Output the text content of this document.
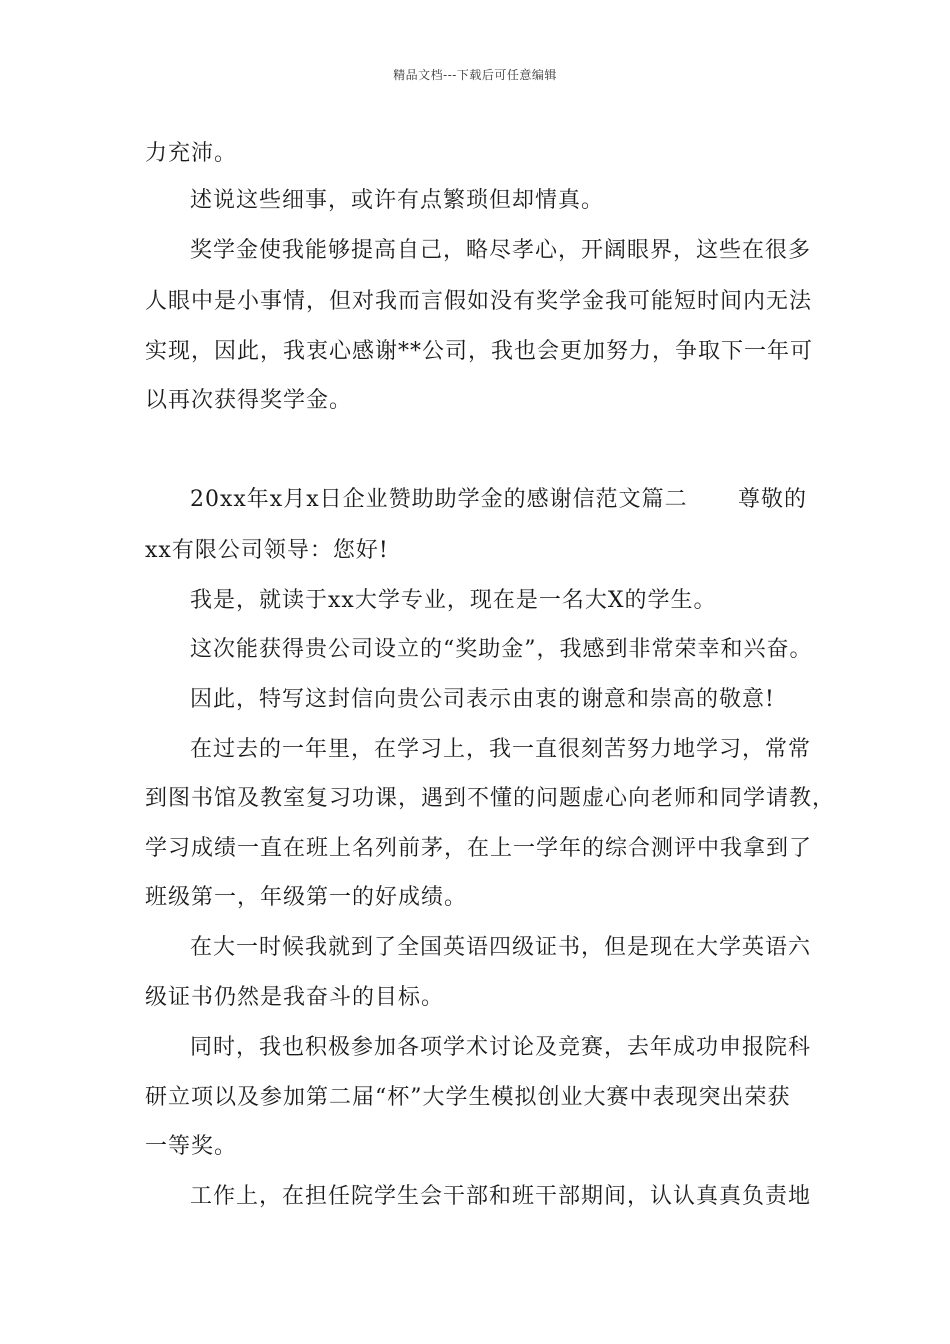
精品文档---下载后可任意编辑
力充沛。
述说这些细事，或许有点繁琐但却情真。
奖学金使我能够提高自己，略尽孝心，开阔眼界，这些在很多
人眼中是小事情，但对我而言假如没有奖学金我可能短时间内无法
实现，因此，我衷心感谢**公司，我也会更加努力，争取下一年可
以再次获得奖学金。
20xx年x月x日企业赞助助学金的感谢信范文篇二 尊敬的
xx有限公司领导：您好!
我是，就读于xx大学专业，现在是一名大X的学生。
这次能获得贵公司设立的“奖助金”，我感到非常荣幸和兴奋。
因此，特写这封信向贵公司表示由衷的谢意和崇高的敬意!
在过去的一年里，在学习上，我一直很刻苦努力地学习，常常
到图书馆及教室复习功课，遇到不懂的问题虚心向老师和同学请教，
学习成绩一直在班上名列前茅，在上一学年的综合测评中我拿到了
班级第一，年级第一的好成绩。
在大一时候我就到了全国英语四级证书，但是现在大学英语六
级证书仍然是我奋斗的目标。
同时，我也积极参加各项学术讨论及竞赛，去年成功申报院科
研立项以及参加第二届“杯”大学生模拟创业大赛中表现突出荣获
一等奖。
工作上，在担任院学生会干部和班干部期间，认认真真负责地
